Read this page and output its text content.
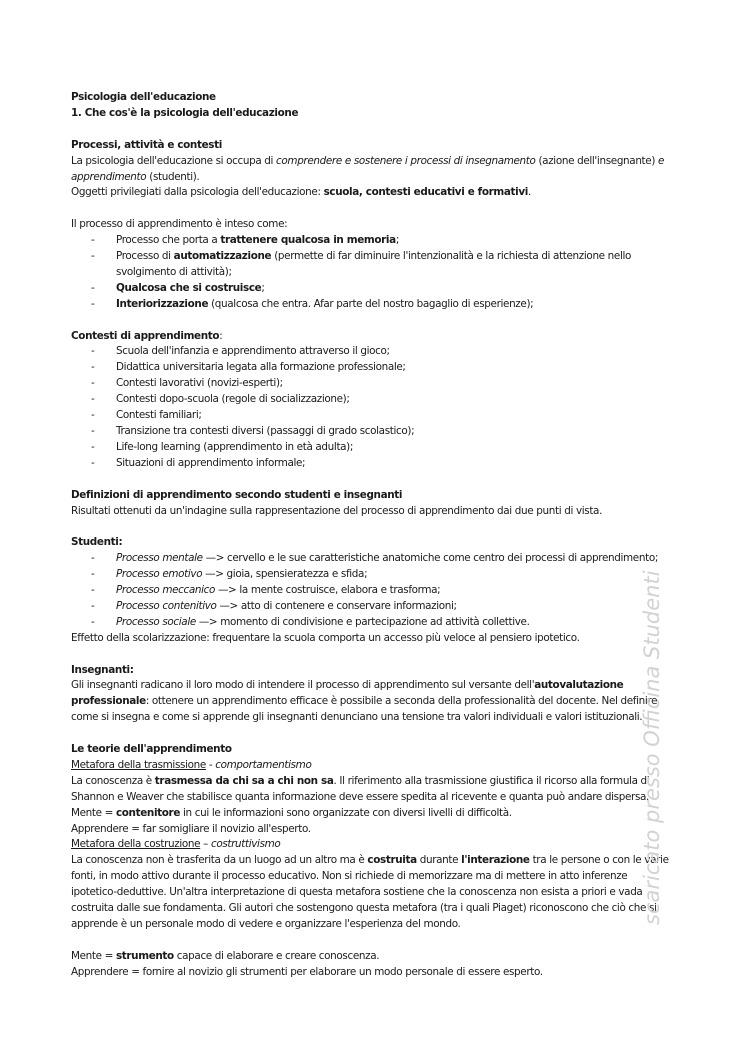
Psicologia dell'educazione

1. Che cos'è la psicologia dell'educazione

Processi, attività e contesti

La psicologia dell'educazione si occupa di comprendere e sostenere i processi di insegnamento (azione dell'insegnante) e
apprendimento (studenti).

Oggetti privilegiati dalla psicologia dell'educazione: scuola, contesti educativi e formativi.

Il processo di apprendimento è inteso come:

- Processo che porta a trattenere qualcosa in memoria;
- Processo di automatizzazione (permette di far diminuire l'intenzionalità e la richiesta di attenzione nello svolgimento di attività);
- Qualcosa che si costruisce;
- Interiorizzazione (qualcosa che entra. Afar parte del nostro bagaglio di esperienze);

Contesti di apprendimento:

- Scuola dell'infanzia e apprendimento attraverso il gioco;
- Didattica universitaria legata alla formazione professionale;
- Contesti lavorativi (novizi-esperti);
- Contesti dopo-scuola (regole di socializzazione);
- Contesti familiari;
- Transizione tra contesti diversi (passaggi di grado scolastico);
- Life-long learning (apprendimento in età adulta);
- Situazioni di apprendimento informale;

Definizioni di apprendimento secondo studenti e insegnanti

Risultati ottenuti da un'indagine sulla rappresentazione del processo di apprendimento dai due punti di vista.

Studenti:

- Processo mentale —> cervello e le sue caratteristiche anatomiche come centro dei processi di apprendimento;
- Processo emotivo —> gioia, spensieratezza e sfida;
- Processo meccanico —> la mente costruisce, elabora e trasforma;
- Processo contenitivo —> atto di contenere e conservare informazioni;
- Processo sociale —> momento di condivisione e partecipazione ad attività collettive.

Effetto della scolarizzazione: frequentare la scuola comporta un accesso più veloce al pensiero ipotetico.

Insegnanti:

Gli insegnanti radicano il loro modo di intendere il processo di apprendimento sul versante dell'autovalutazione professionale: ottenere un apprendimento efficace è possibile a seconda della professionalità del docente. Nel definire come si insegna e come si apprende gli insegnanti denunciano una tensione tra valori individuali e valori istituzionali.

Le teorie dell'apprendimento

Metafora della trasmissione - comportamentismo

La conoscenza è trasmessa da chi sa a chi non sa. Il riferimento alla trasmissione giustifica il ricorso alla formula di Shannon e Weaver che stabilisce quanta informazione deve essere spedita al ricevente e quanta può andare dispersa.

Mente = contenitore in cui le informazioni sono organizzate con diversi livelli di difficoltà.

Apprendere = far somigliare il novizio all'esperto.

Metafora della costruzione – costruttivismo

La conoscenza non è trasferita da un luogo ad un altro ma è costruita durante l'interazione tra le persone o con le varie fonti, in modo attivo durante il processo educativo. Non si richiede di memorizzare ma di mettere in atto inferenze ipotetico-deduttive. Un'altra interpretazione di questa metafora sostiene che la conoscenza non esista a priori e vada costruita dalle sue fondamenta. Gli autori che sostengono questa metafora (tra i quali Piaget) riconoscono che ciò che si apprende è un personale modo di vedere e organizzare l'esperienza del mondo.

Mente = strumento capace di elaborare e creare conoscenza.

Apprendere = fornire al novizio gli strumenti per elaborare un modo personale di essere esperto.

scaricato presso Officina Studenti
